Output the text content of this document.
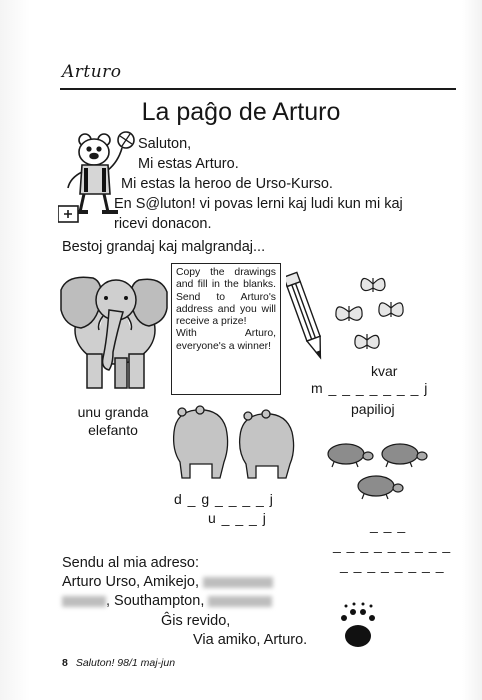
Arturo
La paĝo de Arturo
Saluton,
Mi estas Arturo.
Mi estas la heroo de Urso-Kurso.
En S@luton! vi povas lerni kaj ludi kun mi kaj
ricevi donacon.
Bestoj grandaj kaj malgrandaj...
Copy the drawings and fill in the blanks. Send to Arturo's address and you will receive a prize!
With Arturo, everyone's a winner!
kvar
m _ _ _ _ _ _ _ j
papilioj
unu granda
elefanto
d _ g _ _ _ _ j
u _ _ _ j	_ _ _
_ _ _ _ _ _ _ _ _
_ _ _ _ _ _ _ _
Sendu al mia adreso:
Arturo Urso, Amikejo,
, Southampton,
Ĝis revido,
Via amiko, Arturo.
8 Saluton! 98/1 maj-jun
